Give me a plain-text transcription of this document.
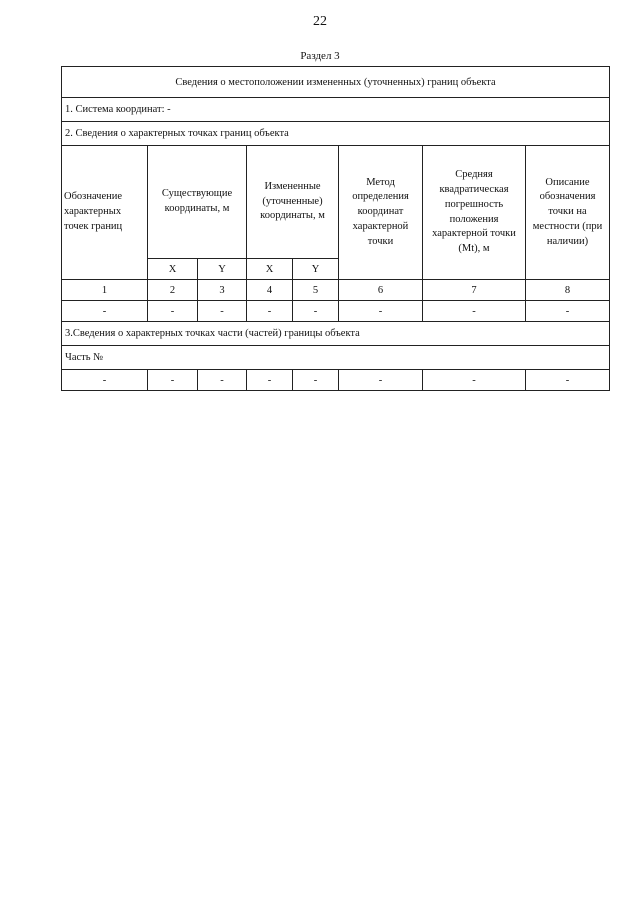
22
Раздел 3
Сведения о местоположении измененных (уточненных) границ объекта							
1. Система координат: -							
2. Сведения о характерных точках границ объекта							
Обозначение характерных точек границ	Существующие координаты, м		Измененные (уточненные) координаты, м		Метод определения координат характерной точки	Средняя квадратическая погрешность положения характерной точки (Mt), м	Описание обозначения точки на местности (при наличии)
	X	Y	X	Y			
1	2	3	4	5	6	7	8
-	-	-	-	-	-	-	-
3.Сведения о характерных точках части (частей) границы объекта							
Часть №							
-	-	-	-	-	-	-	-
